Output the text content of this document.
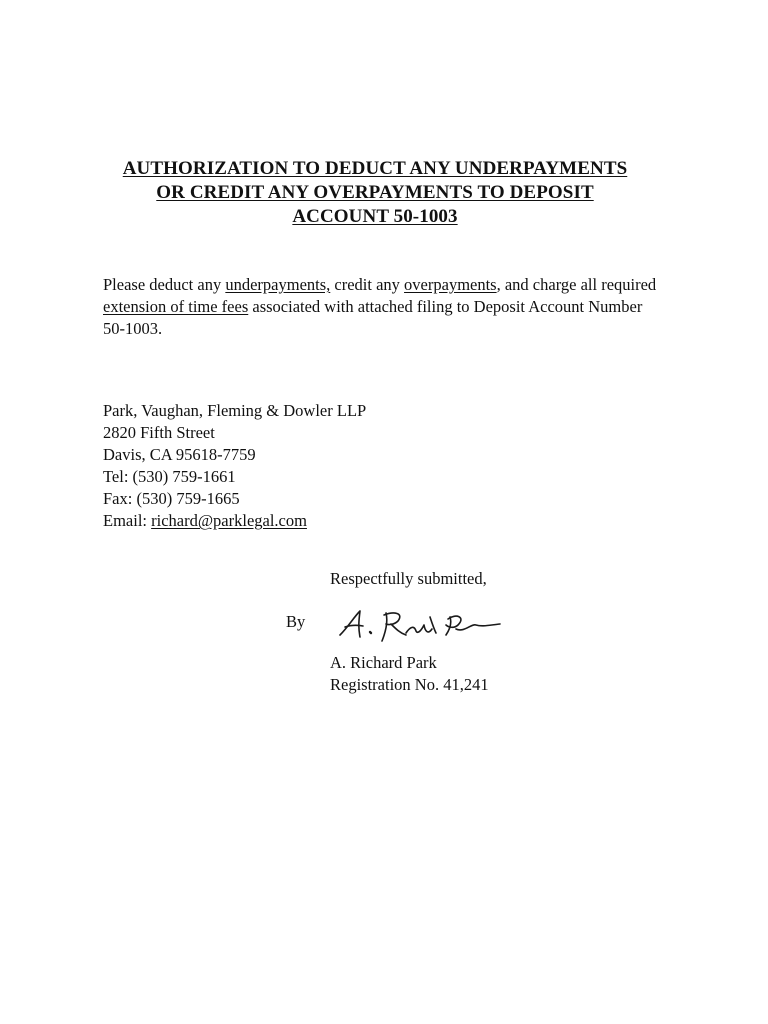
AUTHORIZATION TO DEDUCT ANY UNDERPAYMENTS
OR CREDIT ANY OVERPAYMENTS TO DEPOSIT
ACCOUNT 50-1003
Please deduct any underpayments, credit any overpayments, and charge all required extension of time fees associated with attached filing to Deposit Account Number 50-1003.
Park, Vaughan, Fleming & Dowler LLP
2820 Fifth Street
Davis, CA 95618-7759
Tel: (530) 759-1661
Fax: (530) 759-1665
Email: richard@parklegal.com
Respectfully submitted,
By
A. Richard Park
Registration No. 41,241
